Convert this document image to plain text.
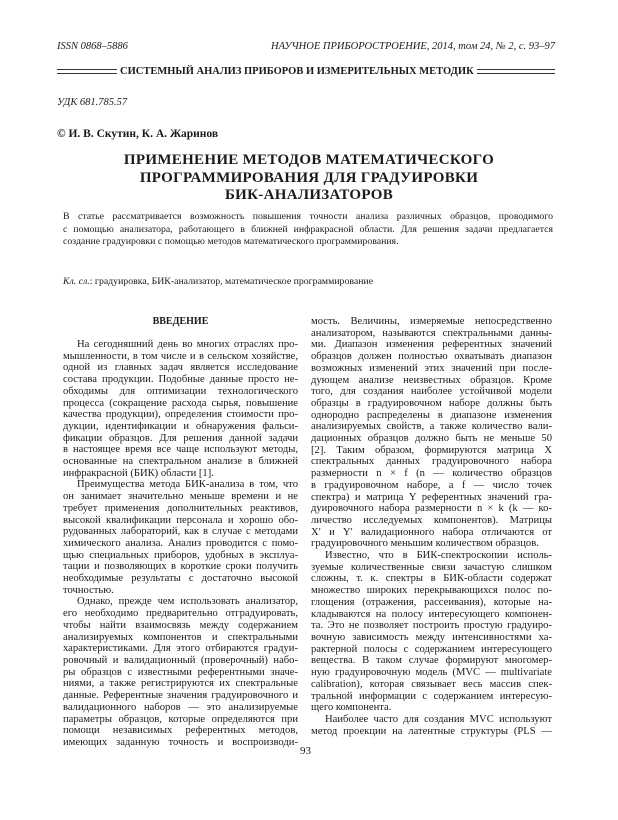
ISSN 0868–5886	НАУЧНОЕ ПРИБОРОСТРОЕНИЕ, 2014, том 24, № 2, с. 93–97
СИСТЕМНЫЙ АНАЛИЗ ПРИБОРОВ И ИЗМЕРИТЕЛЬНЫХ МЕТОДИК
УДК 681.785.57
© И. В. Скутин, К. А. Жаринов
ПРИМЕНЕНИЕ МЕТОДОВ МАТЕМАТИЧЕСКОГО
ПРОГРАММИРОВАНИЯ ДЛЯ ГРАДУИРОВКИ
БИК-АНАЛИЗАТОРОВ
В статье рассматривается возможность повышения точности анализа различных образцов, проводимого
с помощью анализатора, работающего в ближней инфракрасной области. Для решения задачи предлагается
создание градуировки с помощью методов математического программирования.
Кл. сл.: градуировка, БИК-анализатор, математическое программирование
ВВЕДЕНИЕ
На сегодняшний день во многих отраслях про-
мышленности, в том числе и в сельском хозяйстве,
одной из главных задач является исследование
состава продукции. Подобные данные просто не-
обходимы для оптимизации технологического
процесса (сокращение расхода сырья, повышение
качества продукции), определения стоимости про-
дукции, идентификации и обнаружения фальси-
фикации образцов. Для решения данной задачи
в настоящее время все чаще используют методы,
основанные на спектральном анализе в ближней
инфракрасной (БИК) области [1].
Преимущества метода БИК-анализа в том, что
он занимает значительно меньше времени и не
требует применения дополнительных реактивов,
высокой квалификации персонала и хорошо обо-
рудованных лабораторий, как в случае с методами
химического анализа. Анализ проводится с помо-
щью специальных приборов, удобных в эксплуа-
тации и позволяющих в короткие сроки получить
необходимые результаты с достаточно высокой
точностью.
Однако, прежде чем использовать анализатор,
его необходимо предварительно отградуировать,
чтобы найти взаимосвязь между содержанием
анализируемых компонентов и спектральными
характеристиками. Для этого отбираются градуи-
ровочный и валидационный (проверочный) набо-
ры образцов с известными референтными значе-
ниями, а также регистрируются их спектральные
данные. Референтные значения градуировочного и
валидационного наборов — это анализируемые
параметры образцов, которые определяются при
помощи независимых референтных методов,
имеющих заданную точность и воспроизводи-
мость. Величины, измеряемые непосредственно
анализатором, называются спектральными данны-
ми. Диапазон изменения референтных значений
образцов должен полностью охватывать диапазон
возможных изменений этих значений при после-
дующем анализе неизвестных образцов. Кроме
того, для создания наиболее устойчивой модели
образцы в градуировочном наборе должны быть
однородно распределены в диапазоне изменения
анализируемых свойств, а также количество вали-
дационных образцов должно быть не меньше 50
[2]. Таким образом, формируются матрица X
спектральных данных градуировочного набора
размерности n × f (n — количество образцов
в градуировочном наборе, а f — число точек
спектра) и матрица Y референтных значений гра-
дуировочного набора размерности n × k (k — ко-
личество исследуемых компонентов). Матрицы
X′ и Y′ валидационного набора отличаются от
градуировочного меньшим количеством образцов.
Известно, что в БИК-спектроскопии исполь-
зуемые количественные связи зачастую слишком
сложны, т. к. спектры в БИК-области содержат
множество широких перекрывающихся полос по-
глощения (отражения, рассеивания), которые на-
кладываются на полосу интересующего компонен-
та. Это не позволяет построить простую градуиро-
вочную зависимость между интенсивностями ха-
рактерной полосы с содержанием интересующего
вещества. В таком случае формируют многомер-
ную градуировочную модель (MVC — multivariate
calibration), которая связывает весь массив спек-
тральной информации с содержанием интересую-
щего компонента.
Наиболее часто для создания MVC используют
метод проекции на латентные структуры (PLS —
93
